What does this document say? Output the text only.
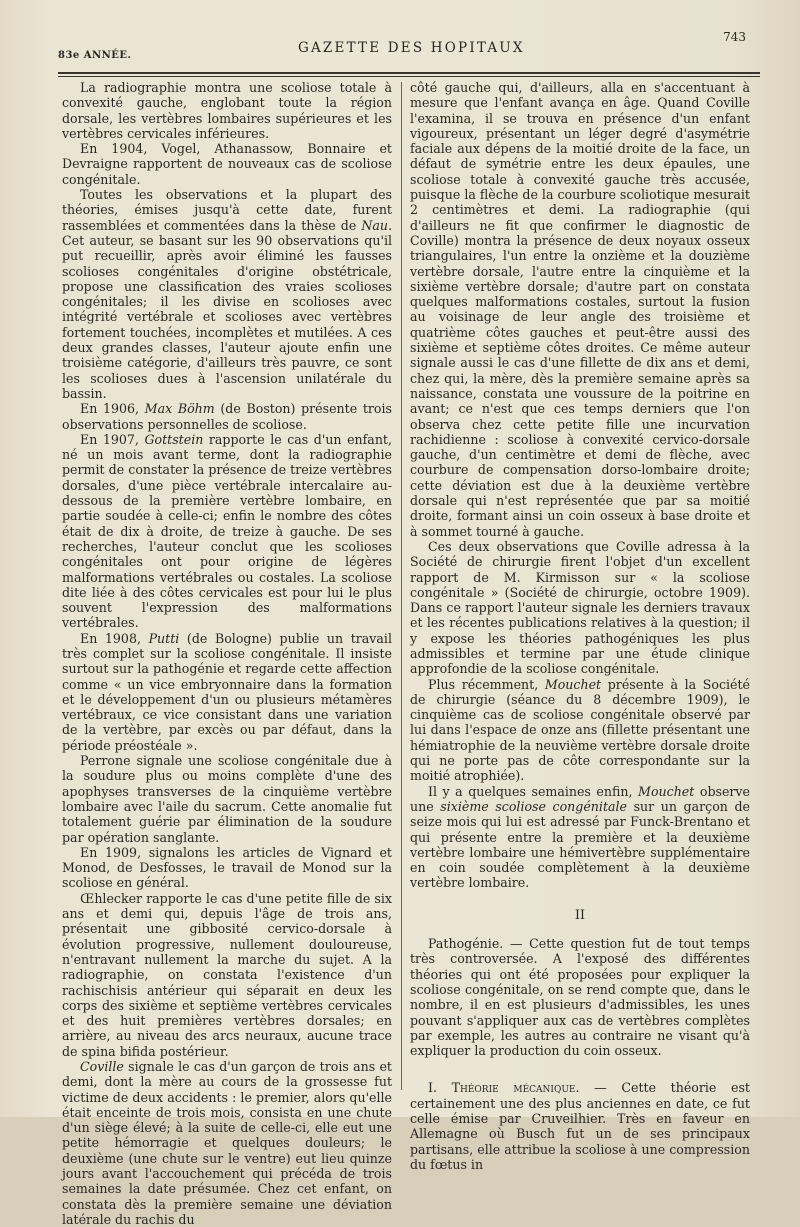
83e ANNÉE.	GAZETTE DES HOPITAUX
743

La radiographie montra une scoliose totale à convexité gauche, englobant toute la région dorsale, les vertèbres lombaires supérieures et les vertèbres cervicales inférieures.

En 1904, Vogel, Athanassow, Bonnaire et Devraigne rapportent de nouveaux cas de scoliose congénitale.

Toutes les observations et la plupart des théories, émises jusqu'à cette date, furent rassemblées et commentées dans la thèse de Nau. Cet auteur, se basant sur les 90 observations qu'il put recueillir, après avoir éliminé les fausses scolioses congénitales d'origine obstétricale, propose une classification des vraies scolioses congénitales; il les divise en scolioses avec intégrité vertébrale et scolioses avec vertèbres fortement touchées, incomplètes et mutilées. A ces deux grandes classes, l'auteur ajoute enfin une troisième catégorie, d'ailleurs très pauvre, ce sont les scolioses dues à l'ascension unilatérale du bassin.

En 1906, Max Böhm (de Boston) présente trois observations personnelles de scoliose.

En 1907, Gottstein rapporte le cas d'un enfant, né un mois avant terme, dont la radiographie permit de constater la présence de treize vertèbres dorsales, d'une pièce vertébrale intercalaire au-dessous de la première vertèbre lombaire, en partie soudée à celle-ci; enfin le nombre des côtes était de dix à droite, de treize à gauche. De ses recherches, l'auteur conclut que les scolioses congénitales ont pour origine de légères malformations vertébrales ou costales. La scoliose dite liée à des côtes cervicales est pour lui le plus souvent l'expression des malformations vertébrales.

En 1908, Putti (de Bologne) publie un travail très complet sur la scoliose congénitale. Il insiste surtout sur la pathogénie et regarde cette affection comme « un vice embryonnaire dans la formation et le développement d'un ou plusieurs métamères vertébraux, ce vice consistant dans une variation de la vertèbre, par excès ou par défaut, dans la période préostéale ».

Perrone signale une scoliose congénitale due à la soudure plus ou moins complète d'une des apophyses transverses de la cinquième vertèbre lombaire avec l'aile du sacrum. Cette anomalie fut totalement guérie par élimination de la soudure par opération sanglante.

En 1909, signalons les articles de Vignard et Monod, de Desfosses, le travail de Monod sur la scoliose en général.

Œhlecker rapporte le cas d'une petite fille de six ans et demi qui, depuis l'âge de trois ans, présentait une gibbosité cervico-dorsale à évolution progressive, nullement douloureuse, n'entravant nullement la marche du sujet. A la radiographie, on constata l'existence d'un rachischisis antérieur qui séparait en deux les corps des sixième et septième vertèbres cervicales et des huit premières vertèbres dorsales; en arrière, au niveau des arcs neuraux, aucune trace de spina bifida postérieur.

Coville signale le cas d'un garçon de trois ans et demi, dont la mère au cours de la grossesse fut victime de deux accidents : le premier, alors qu'elle était enceinte de trois mois, consista en une chute d'un siège élevé; à la suite de celle-ci, elle eut une petite hémorragie et quelques douleurs; le deuxième (une chute sur le ventre) eut lieu quinze jours avant l'accouchement qui précéda de trois semaines la date présumée. Chez cet enfant, on constata dès la première semaine une déviation latérale du rachis du

côté gauche qui, d'ailleurs, alla en s'accentuant à mesure que l'enfant avança en âge. Quand Coville l'examina, il se trouva en présence d'un enfant vigoureux, présentant un léger degré d'asymétrie faciale aux dépens de la moitié droite de la face, un défaut de symétrie entre les deux épaules, une scoliose totale à convexité gauche très accusée, puisque la flèche de la courbure scoliotique mesurait 2 centimètres et demi. La radiographie (qui d'ailleurs ne fit que confirmer le diagnostic de Coville) montra la présence de deux noyaux osseux triangulaires, l'un entre la onzième et la douzième vertèbre dorsale, l'autre entre la cinquième et la sixième vertèbre dorsale; d'autre part on constata quelques malformations costales, surtout la fusion au voisinage de leur angle des troisième et quatrième côtes gauches et peut-être aussi des sixième et septième côtes droites. Ce même auteur signale aussi le cas d'une fillette de dix ans et demi, chez qui, la mère, dès la première semaine après sa naissance, constata une voussure de la poitrine en avant; ce n'est que ces temps derniers que l'on observa chez cette petite fille une incurvation rachidienne : scoliose à convexité cervico-dorsale gauche, d'un centimètre et demi de flèche, avec courbure de compensation dorso-lombaire droite; cette déviation est due à la deuxième vertèbre dorsale qui n'est représentée que par sa moitié droite, formant ainsi un coin osseux à base droite et à sommet tourné à gauche.

Ces deux observations que Coville adressa à la Société de chirurgie firent l'objet d'un excellent rapport de M. Kirmisson sur « la scoliose congénitale » (Société de chirurgie, octobre 1909). Dans ce rapport l'auteur signale les derniers travaux et les récentes publications relatives à la question; il y expose les théories pathogéniques les plus admissibles et termine par une étude clinique approfondie de la scoliose congénitale.

Plus récemment, Mouchet présente à la Société de chirurgie (séance du 8 décembre 1909), le cinquième cas de scoliose congénitale observé par lui dans l'espace de onze ans (fillette présentant une hémiatrophie de la neuvième vertèbre dorsale droite qui ne porte pas de côte correspondante sur la moitié atrophiée).

Il y a quelques semaines enfin, Mouchet observe une sixième scoliose congénitale sur un garçon de seize mois qui lui est adressé par Funck-Brentano et qui présente entre la première et la deuxième vertèbre lombaire une hémivertèbre supplémentaire en coin soudée complètement à la deuxième vertèbre lombaire.

II

Pathogénie. — Cette question fut de tout temps très controversée. A l'exposé des différentes théories qui ont été proposées pour expliquer la scoliose congénitale, on se rend compte que, dans le nombre, il en est plusieurs d'admissibles, les unes pouvant s'appliquer aux cas de vertèbres complètes par exemple, les autres au contraire ne visant qu'à expliquer la production du coin osseux.

I. Théorie mécanique. — Cette théorie est certainement une des plus anciennes en date, ce fut celle émise par Cruveilhier. Très en faveur en Allemagne où Busch fut un de ses principaux partisans, elle attribue la scoliose à une compression du fœtus in
